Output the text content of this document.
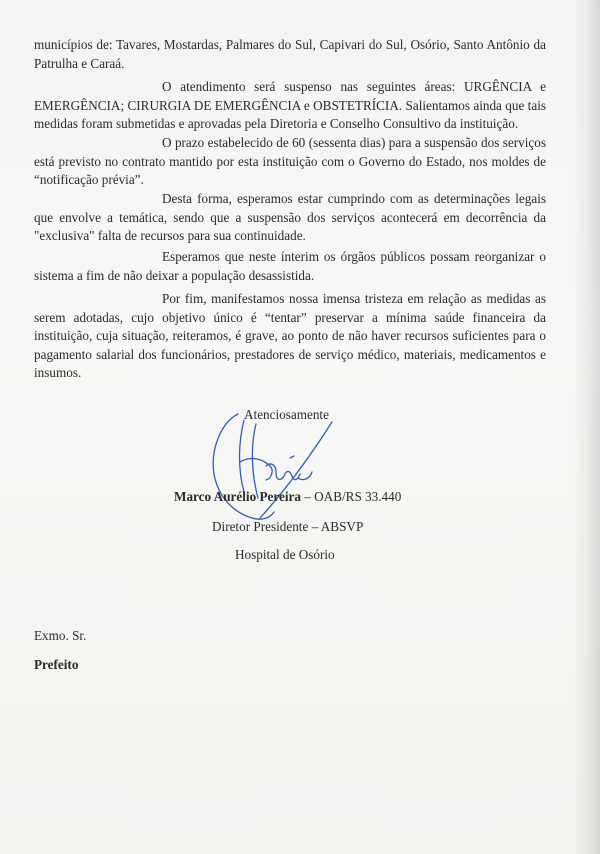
municípios de: Tavares, Mostardas, Palmares do Sul, Capivari do Sul, Osório, Santo Antônio da Patrulha e Caraá.

O atendimento será suspenso nas seguintes áreas: URGÊNCIA e EMERGÊNCIA; CIRURGIA DE EMERGÊNCIA e OBSTETRÍCIA. Salientamos ainda que tais medidas foram submetidas e aprovadas pela Diretoria e Conselho Consultivo da instituição.

O prazo estabelecido de 60 (sessenta dias) para a suspensão dos serviços está previsto no contrato mantido por esta instituição com o Governo do Estado, nos moldes de “notificação prévia”.

Desta forma, esperamos estar cumprindo com as determinações legais que envolve a temática, sendo que a suspensão dos serviços acontecerá em decorrência da "exclusiva" falta de recursos para sua continuidade.

Esperamos que neste ínterim os órgãos públicos possam reorganizar o sistema a fim de não deixar a população desassistida.

Por fim, manifestamos nossa imensa tristeza em relação as medidas as serem adotadas, cujo objetivo único é “tentar” preservar a mínima saúde financeira da instituição, cuja situação, reiteramos, é grave, ao ponto de não haver recursos suficientes para o pagamento salarial dos funcionários, prestadores de serviço médico, materiais, medicamentos e insumos.

Atenciosamente
Marco Aurélio Pereira – OAB/RS 33.440
Diretor Presidente – ABSVP
Hospital de Osório
Exmo. Sr.
Prefeito
